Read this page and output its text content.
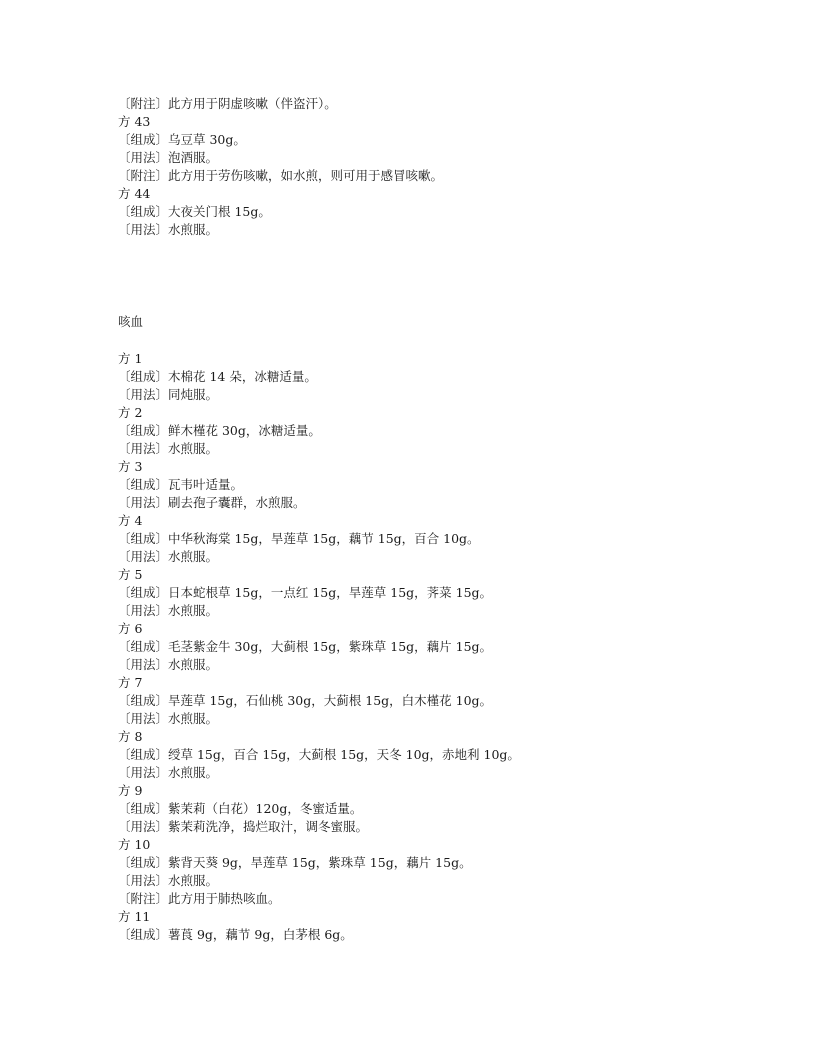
〔附注〕此方用于阴虚咳嗽（伴盗汗）。
方 43
〔组成〕乌豆草 30g。
〔用法〕泡酒服。
〔附注〕此方用于劳伤咳嗽，如水煎，则可用于感冒咳嗽。
方 44
〔组成〕大夜关门根 15g。
〔用法〕水煎服。
咳血
方 1
〔组成〕木棉花 14 朵，冰糖适量。
〔用法〕同炖服。
方 2
〔组成〕鲜木槿花 30g，冰糖适量。
〔用法〕水煎服。
方 3
〔组成〕瓦韦叶适量。
〔用法〕刷去孢子囊群，水煎服。
方 4
〔组成〕中华秋海棠 15g，旱莲草 15g，藕节 15g，百合 10g。
〔用法〕水煎服。
方 5
〔组成〕日本蛇根草 15g，一点红 15g，旱莲草 15g，荠菜 15g。
〔用法〕水煎服。
方 6
〔组成〕毛茎紫金牛 30g，大蓟根 15g，紫珠草 15g，藕片 15g。
〔用法〕水煎服。
方 7
〔组成〕旱莲草 15g，石仙桃 30g，大蓟根 15g，白木槿花 10g。
〔用法〕水煎服。
方 8
〔组成〕绶草 15g，百合 15g，大蓟根 15g，天冬 10g，赤地利 10g。
〔用法〕水煎服。
方 9
〔组成〕紫茉莉（白花）120g，冬蜜适量。
〔用法〕紫茉莉洗净，捣烂取汁，调冬蜜服。
方 10
〔组成〕紫背天葵 9g，旱莲草 15g，紫珠草 15g，藕片 15g。
〔用法〕水煎服。
〔附注〕此方用于肺热咳血。
方 11
〔组成〕薯莨 9g，藕节 9g，白茅根 6g。
